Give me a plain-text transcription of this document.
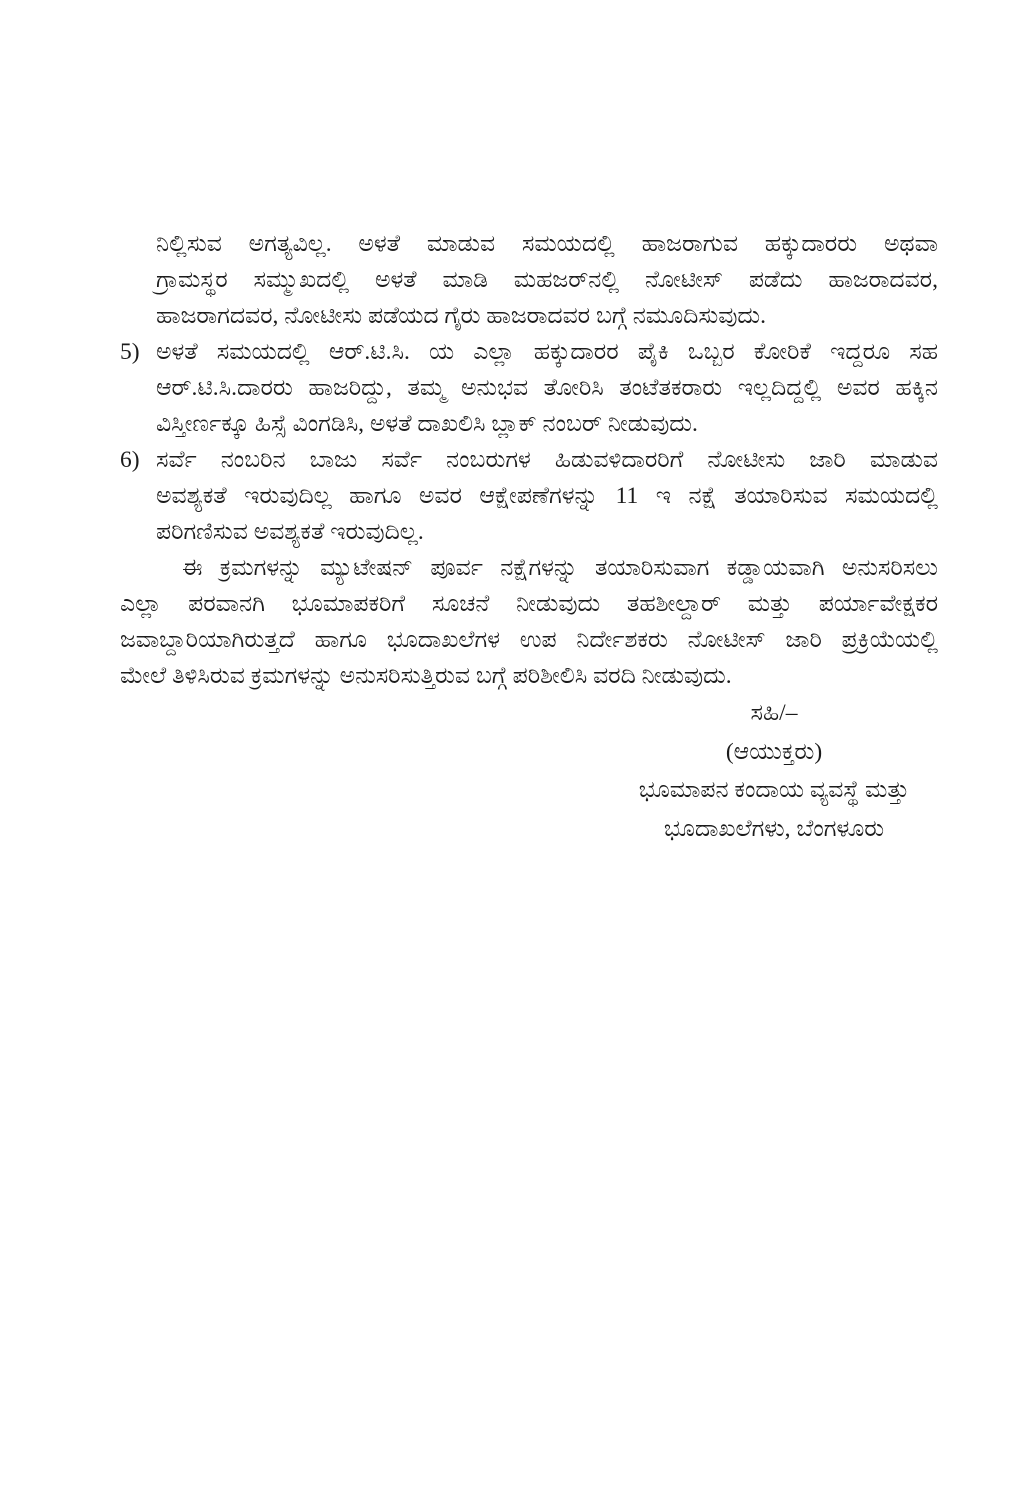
ನಿಲ್ಲಿಸುವ ಅಗತ್ಯವಿಲ್ಲ. ಅಳತೆ ಮಾಡುವ ಸಮಯದಲ್ಲಿ ಹಾಜರಾಗುವ ಹಕ್ಕುದಾರರು ಅಥವಾ
ಗ್ರಾಮಸ್ಥರ ಸಮ್ಮುಖದಲ್ಲಿ ಅಳತೆ ಮಾಡಿ ಮಹಜರ್‌ನಲ್ಲಿ ನೋಟೀಸ್ ಪಡೆದು ಹಾಜರಾದವರ,
ಹಾಜರಾಗದವರ, ನೋಟೀಸು ಪಡೆಯದ ಗೈರು ಹಾಜರಾದವರ ಬಗ್ಗೆ ನಮೂದಿಸುವುದು.
5) ಅಳತೆ ಸಮಯದಲ್ಲಿ ಆರ್.ಟಿ.ಸಿ. ಯ ಎಲ್ಲಾ ಹಕ್ಕುದಾರರ ಪೈಕಿ ಒಬ್ಬರ ಕೋರಿಕೆ ಇದ್ದರೂ ಸಹ
ಆರ್.ಟಿ.ಸಿ.ದಾರರು ಹಾಜರಿದ್ದು, ತಮ್ಮ ಅನುಭವ ತೋರಿಸಿ ತಂಟೆತಕರಾರು ಇಲ್ಲದಿದ್ದಲ್ಲಿ ಅವರ ಹಕ್ಕಿನ
ವಿಸ್ತೀರ್ಣಕ್ಕೂ ಹಿಸ್ಸೆ ವಿಂಗಡಿಸಿ, ಅಳತೆ ದಾಖಲಿಸಿ ಬ್ಲಾಕ್ ನಂಬರ್ ನೀಡುವುದು.
6) ಸರ್ವೆ ನಂಬರಿನ ಬಾಜು ಸರ್ವೆ ನಂಬರುಗಳ ಹಿಡುವಳಿದಾರರಿಗೆ ನೋಟೀಸು ಜಾರಿ ಮಾಡುವ
ಅವಶ್ಯಕತೆ ಇರುವುದಿಲ್ಲ ಹಾಗೂ ಅವರ ಆಕ್ಷೇಪಣೆಗಳನ್ನು 11 ಇ ನಕ್ಷೆ ತಯಾರಿಸುವ ಸಮಯದಲ್ಲಿ
ಪರಿಗಣಿಸುವ ಅವಶ್ಯಕತೆ ಇರುವುದಿಲ್ಲ.
ಈ ಕ್ರಮಗಳನ್ನು ಮ್ಯುಟೇಷನ್ ಪೂರ್ವ ನಕ್ಷೆಗಳನ್ನು ತಯಾರಿಸುವಾಗ ಕಡ್ಡಾಯವಾಗಿ ಅನುಸರಿಸಲು
ಎಲ್ಲಾ ಪರವಾನಗಿ ಭೂಮಾಪಕರಿಗೆ ಸೂಚನೆ ನೀಡುವುದು ತಹಶೀಲ್ದಾರ್ ಮತ್ತು ಪರ್ಯಾವೇಕ್ಷಕರ
ಜವಾಬ್ದಾರಿಯಾಗಿರುತ್ತದೆ ಹಾಗೂ ಭೂದಾಖಲೆಗಳ ಉಪ ನಿರ್ದೇಶಕರು ನೋಟೀಸ್ ಜಾರಿ ಪ್ರಕ್ರಿಯೆಯಲ್ಲಿ
ಮೇಲೆ ತಿಳಿಸಿರುವ ಕ್ರಮಗಳನ್ನು ಅನುಸರಿಸುತ್ತಿರುವ ಬಗ್ಗೆ ಪರಿಶೀಲಿಸಿ ವರದಿ ನೀಡುವುದು.
ಸಹಿ/–
(ಆಯುಕ್ತರು)
ಭೂಮಾಪನ ಕಂದಾಯ ವ್ಯವಸ್ಥೆ ಮತ್ತು
ಭೂದಾಖಲೆಗಳು, ಬೆಂಗಳೂರು
